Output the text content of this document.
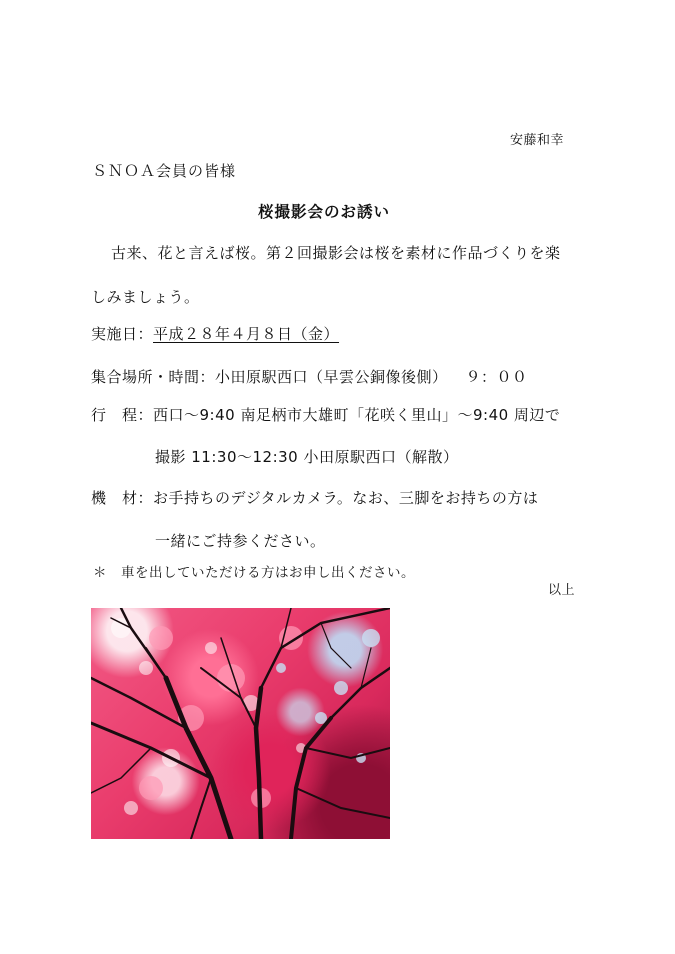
安藤和幸
ＳＮＯＡ会員の皆様
桜撮影会のお誘い
古来、花と言えば桜。第２回撮影会は桜を素材に作品づくりを楽
しみましょう。
実施日：平成２８年４月８日（金）
集合場所・時間：小田原駅西口（早雲公銅像後側） ９：００
行　程：西口～9:40 南足柄市大雄町「花咲く里山」～9:40 周辺で
撮影 11:30～12:30 小田原駅西口（解散）
機　材：お手持ちのデジタルカメラ。なお、三脚をお持ちの方は
一緒にご持参ください。
＊ 車を出していただける方はお申し出ください。
以上
